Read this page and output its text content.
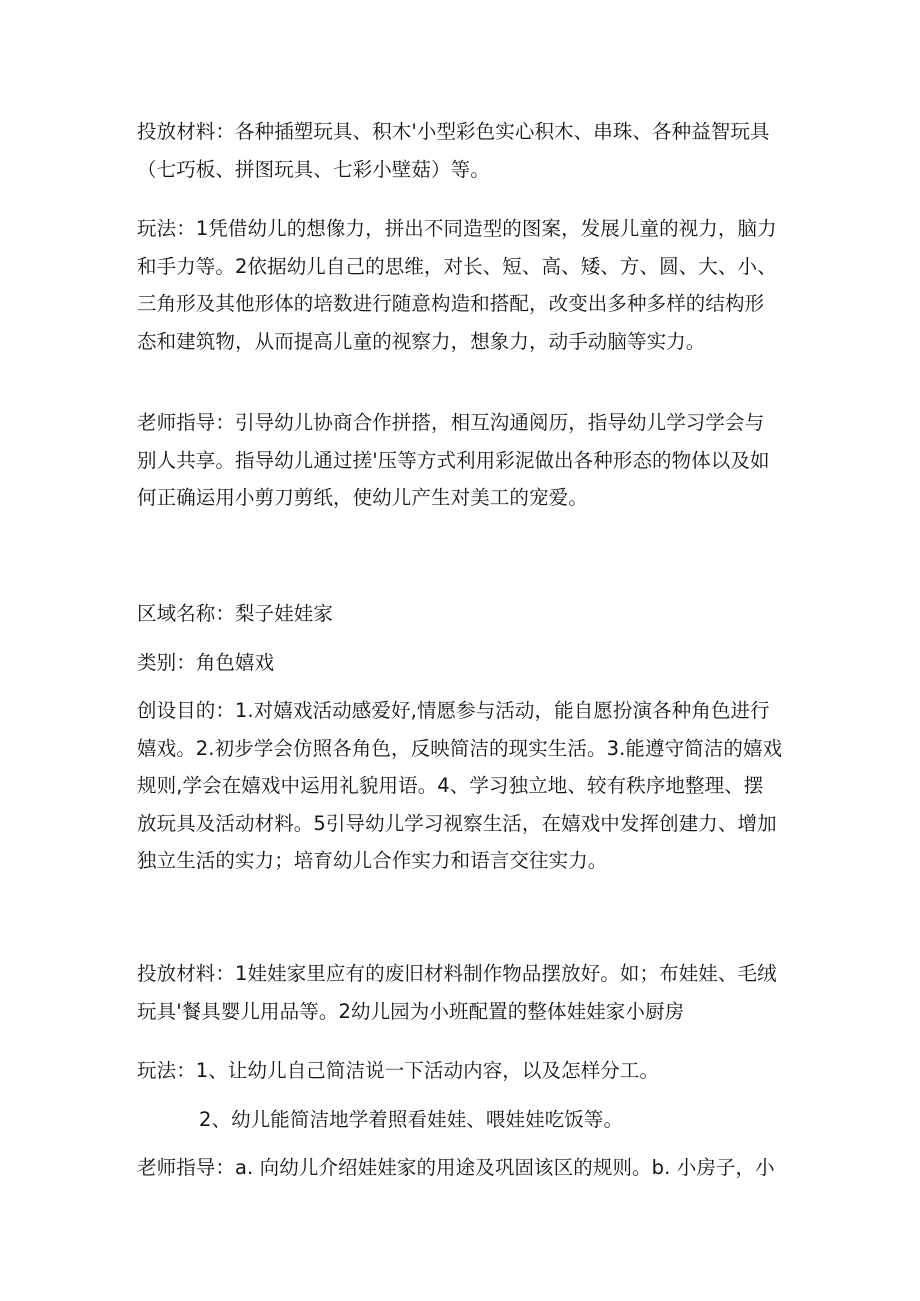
投放材料：各种插塑玩具、积木'小型彩色实心积木、串珠、各种益智玩具
（七巧板、拼图玩具、七彩小壁菇）等。

玩法：1凭借幼儿的想像力，拼出不同造型的图案，发展儿童的视力，脑力
和手力等。2依据幼儿自己的思维，对长、短、高、矮、方、圆、大、小、
三角形及其他形体的培数进行随意构造和搭配，改变出多种多样的结构形
态和建筑物，从而提高儿童的视察力，想象力，动手动脑等实力。

老师指导：引导幼儿协商合作拼搭，相互沟通阅历，指导幼儿学习学会与
别人共享。指导幼儿通过搓'压等方式利用彩泥做出各种形态的物体以及如
何正确运用小剪刀剪纸，使幼儿产生对美工的宠爱。

区域名称：梨子娃娃家

类别：角色嬉戏

创设目的：1.对嬉戏活动感爱好,情愿参与活动，能自愿扮演各种角色进行
嬉戏。2.初步学会仿照各角色，反映简洁的现实生活。3.能遵守简洁的嬉戏
规则,学会在嬉戏中运用礼貌用语。4、学习独立地、较有秩序地整理、摆
放玩具及活动材料。5引导幼儿学习视察生活，在嬉戏中发挥创建力、增加
独立生活的实力；培育幼儿合作实力和语言交往实力。

投放材料：1娃娃家里应有的废旧材料制作物品摆放好。如；布娃娃、毛绒
玩具'餐具婴儿用品等。2幼儿园为小班配置的整体娃娃家小厨房

玩法：1、让幼儿自己简洁说一下活动内容，以及怎样分工。

2、幼儿能简洁地学着照看娃娃、喂娃娃吃饭等。

老师指导：a. 向幼儿介绍娃娃家的用途及巩固该区的规则。b. 小房子，小
